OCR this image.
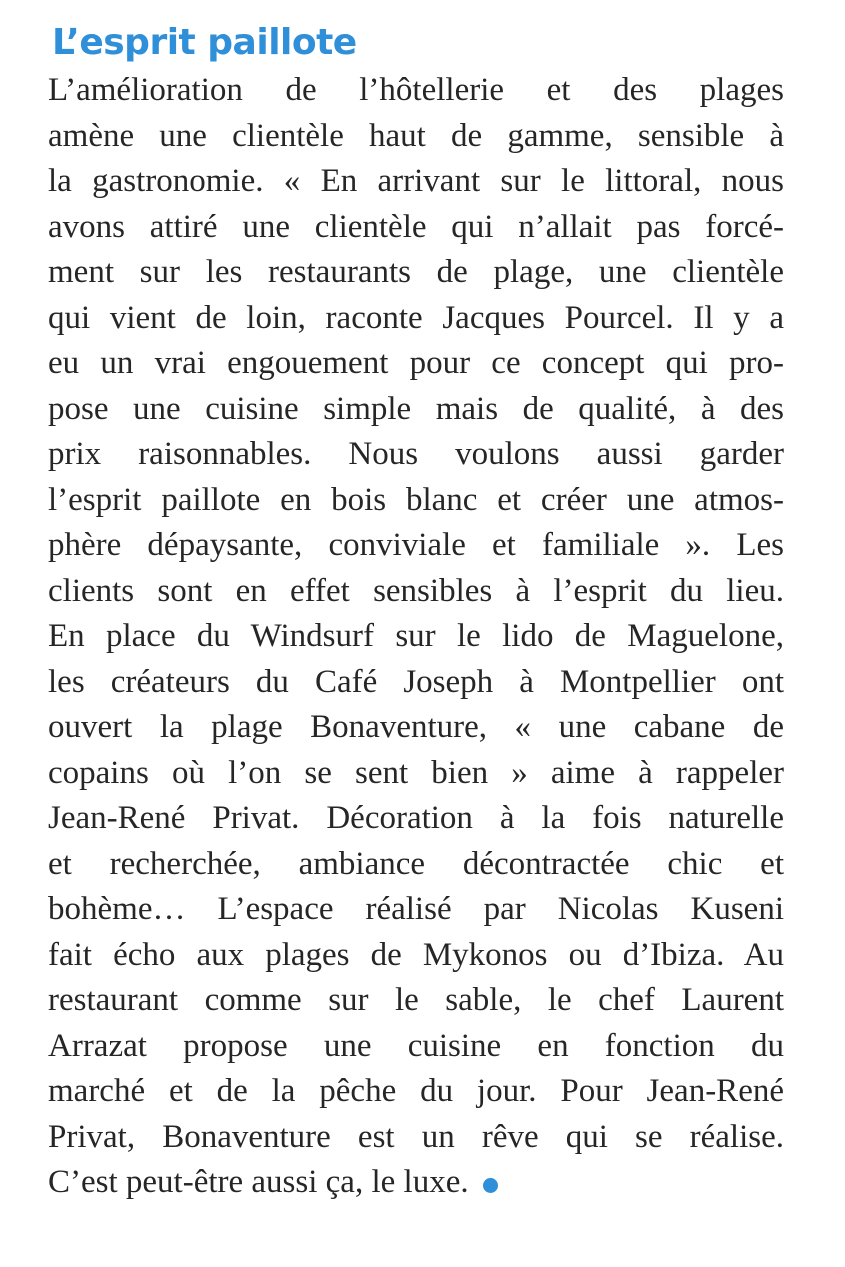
L’esprit paillote
L’amélioration de l’hôtellerie et des plages
amène une clientèle haut de gamme, sensible à
la gastronomie. « En arrivant sur le littoral, nous
avons attiré une clientèle qui n’allait pas forcé-
ment sur les restaurants de plage, une clientèle
qui vient de loin, raconte Jacques Pourcel. Il y a
eu un vrai engouement pour ce concept qui pro-
pose une cuisine simple mais de qualité, à des
prix raisonnables. Nous voulons aussi garder
l’esprit paillote en bois blanc et créer une atmos-
phère dépaysante, conviviale et familiale ». Les
clients sont en effet sensibles à l’esprit du lieu.
En place du Windsurf sur le lido de Maguelone,
les créateurs du Café Joseph à Montpellier ont
ouvert la plage Bonaventure, « une cabane de
copains où l’on se sent bien » aime à rappeler
Jean-René Privat. Décoration à la fois naturelle
et recherchée, ambiance décontractée chic et
bohème… L’espace réalisé par Nicolas Kuseni
fait écho aux plages de Mykonos ou d’Ibiza. Au
restaurant comme sur le sable, le chef Laurent
Arrazat propose une cuisine en fonction du
marché et de la pêche du jour. Pour Jean-René
Privat, Bonaventure est un rêve qui se réalise.
C’est peut-être aussi ça, le luxe.
